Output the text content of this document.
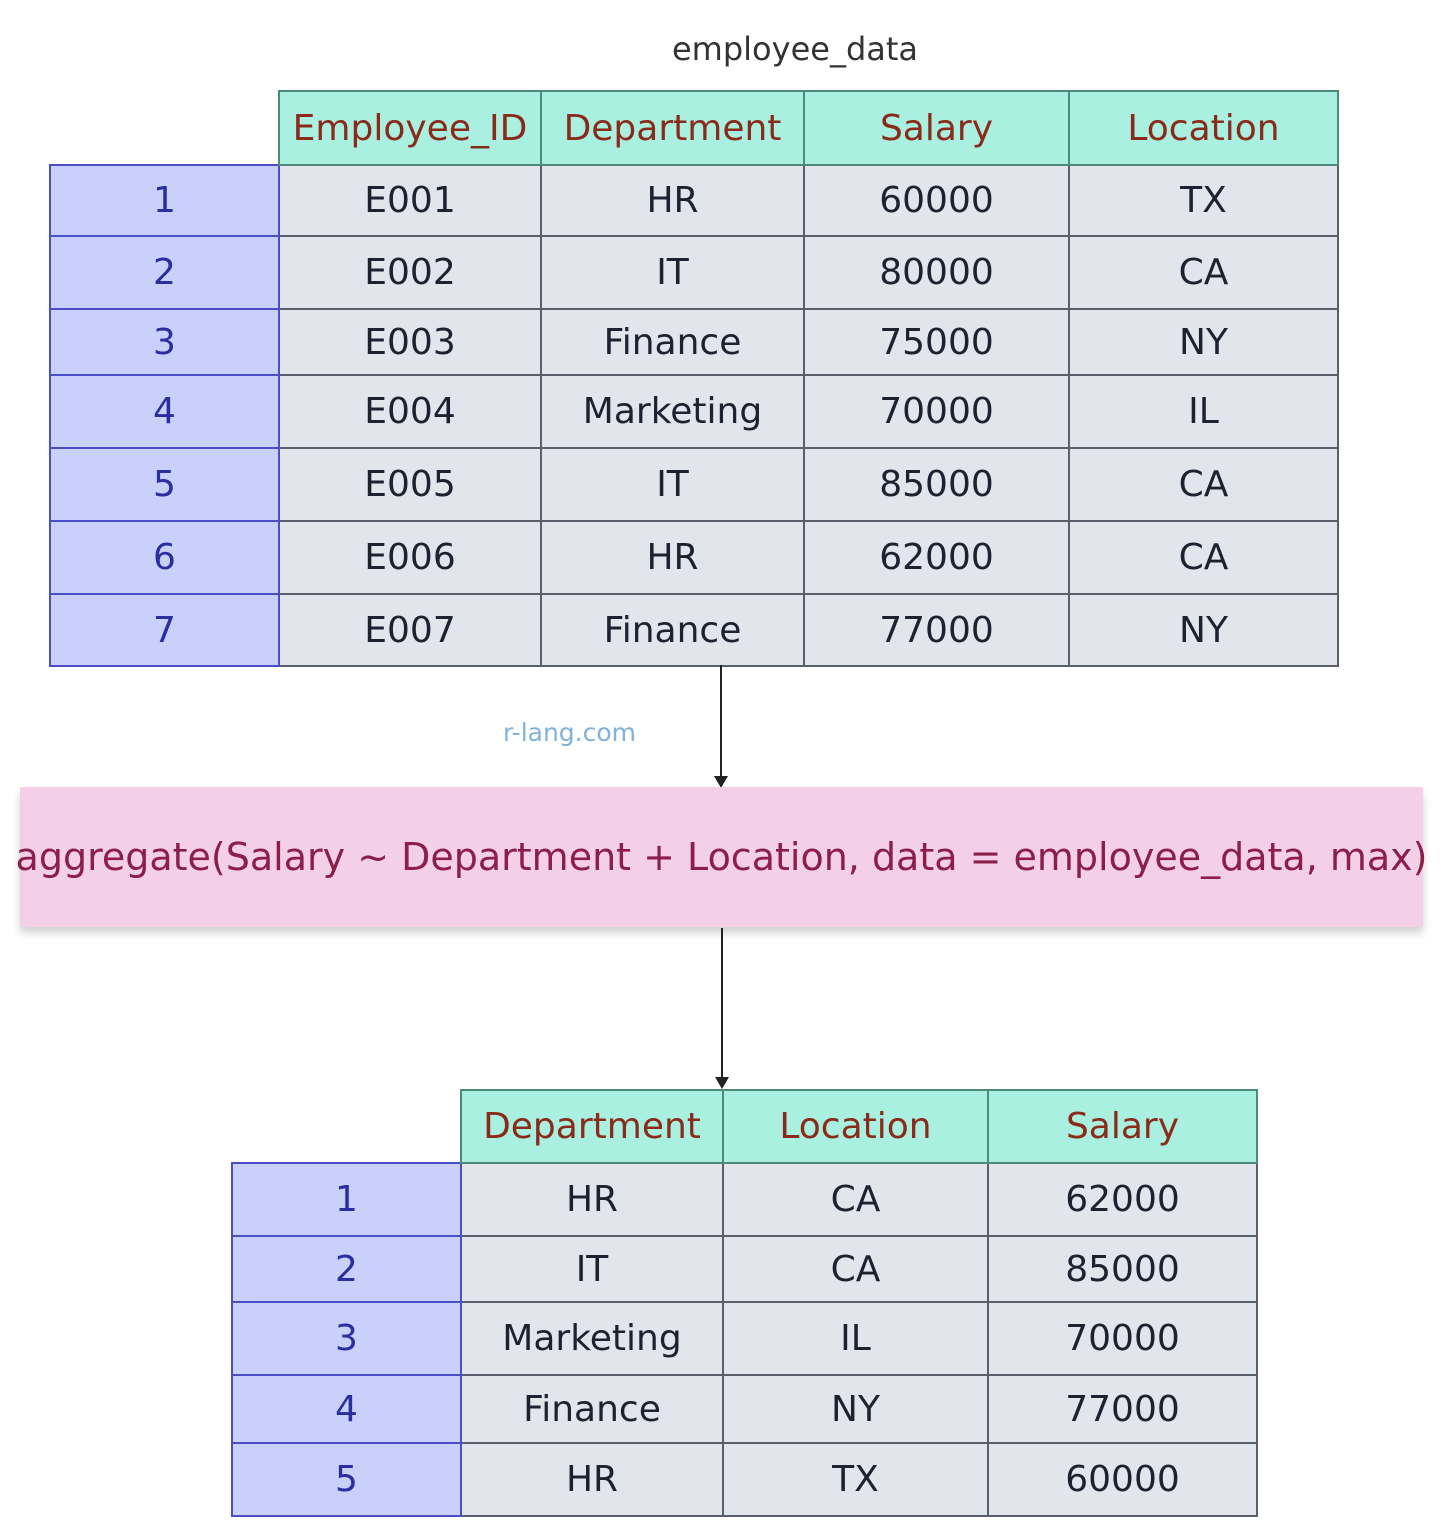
employee_data
	Employee_ID	Department	Salary	Location
1	E001	HR	60000	TX
2	E002	IT	80000	CA
3	E003	Finance	75000	NY
4	E004	Marketing	70000	IL
5	E005	IT	85000	CA
6	E006	HR	62000	CA
7	E007	Finance	77000	NY
r-lang.com
aggregate(Salary ~ Department + Location, data = employee_data, max)
	Department	Location	Salary
1	HR	CA	62000
2	IT	CA	85000
3	Marketing	IL	70000
4	Finance	NY	77000
5	HR	TX	60000
